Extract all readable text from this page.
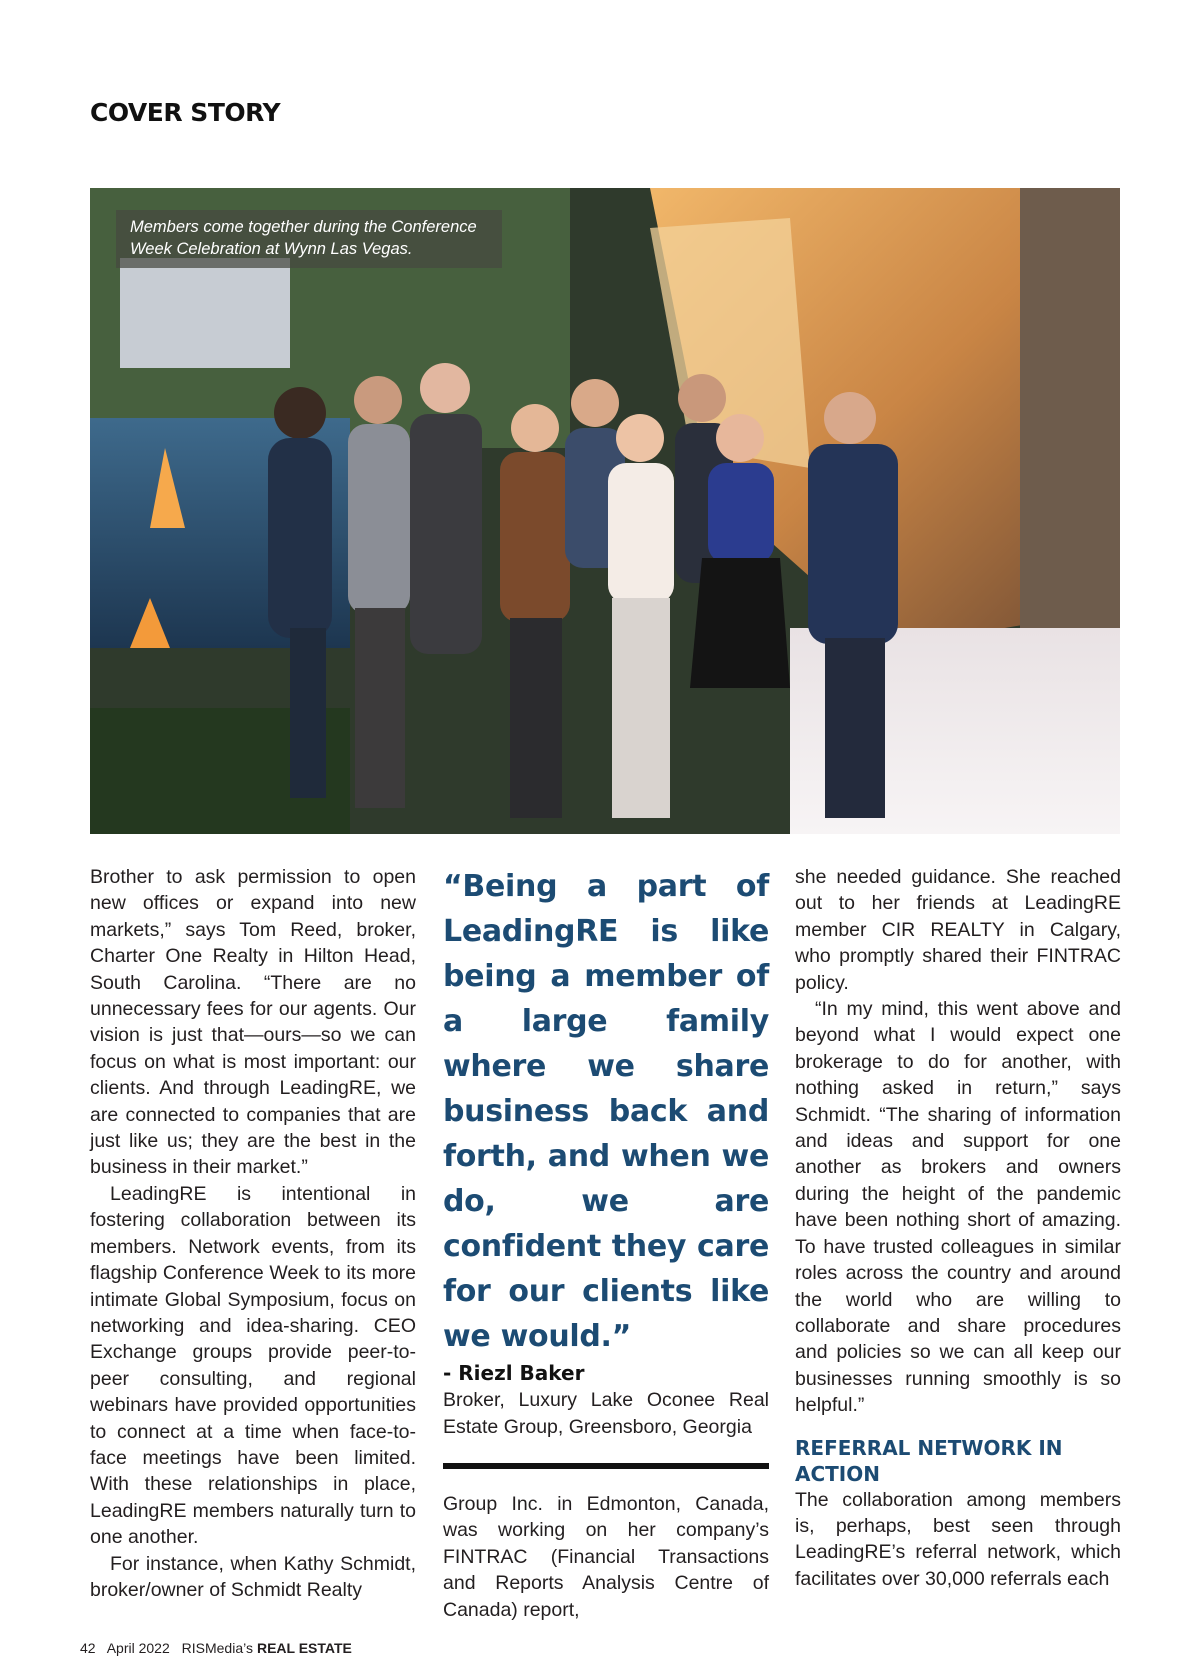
COVER STORY
Members come together during the Conference Week Celebration at Wynn Las Vegas.

Brother to ask permission to open new offices or expand into new markets,” says Tom Reed, broker, Charter One Realty in Hilton Head, South Carolina. “There are no unnecessary fees for our agents. Our vision is just that—ours—so we can focus on what is most important: our clients. And through LeadingRE, we are connected to companies that are just like us; they are the best in the business in their market.”

LeadingRE is intentional in fostering collaboration between its members. Network events, from its flagship Conference Week to its more intimate Global Symposium, focus on networking and idea-sharing. CEO Exchange groups provide peer-to-peer consulting, and regional webinars have provided opportunities to connect at a time when face-to-face meetings have been limited. With these relationships in place, LeadingRE members naturally turn to one another.

For instance, when Kathy Schmidt, broker/owner of Schmidt Realty

“Being a part of LeadingRE is like being a member of a large family where we share business back and forth, and when we do, we are confident they care for our clients like we would.”

- Riezl Baker

Broker, Luxury Lake Oconee Real Estate Group, Greensboro, Georgia

Group Inc. in Edmonton, Canada, was working on her company’s FINTRAC (Financial Transactions and Reports Analysis Centre of Canada) report,

she needed guidance. She reached out to her friends at LeadingRE member CIR REALTY in Calgary, who promptly shared their FINTRAC policy.

“In my mind, this went above and beyond what I would expect one brokerage to do for another, with nothing asked in return,” says Schmidt. “The sharing of information and ideas and support for one another as brokers and owners during the height of the pandemic have been nothing short of amazing. To have trusted colleagues in similar roles across the country and around the world who are willing to collaborate and share procedures and policies so we can all keep our businesses running smoothly is so helpful.”

REFERRAL NETWORK IN ACTION

The collaboration among members is, perhaps, best seen through LeadingRE’s referral network, which facilitates over 30,000 referrals each

42 April 2022 RISMedia’s REAL ESTATE
